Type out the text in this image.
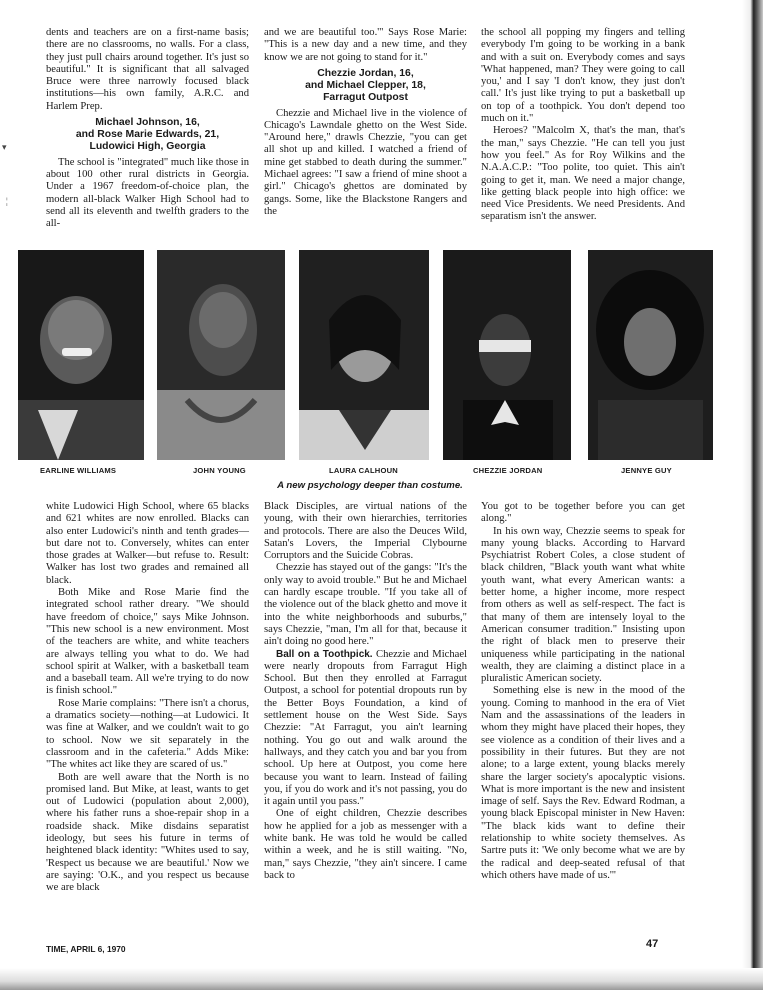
dents and teachers are on a first-name basis; there are no classrooms, no walls. For a class, they just pull chairs around together. It's just so beautiful." It is significant that all salvaged Bruce were three narrowly focused black institutions—his own family, A.R.C. and Harlem Prep.

Michael Johnson, 16,
and Rose Marie Edwards, 21,
Ludowici High, Georgia

The school is "integrated" much like those in about 100 other rural districts in Georgia. Under a 1967 freedom-of-choice plan, the modern all-black Walker High School had to send all its eleventh and twelfth graders to the all-

and we are beautiful too.'" Says Rose Marie: "This is a new day and a new time, and they know we are not going to stand for it."

Chezzie Jordan, 16,
and Michael Clepper, 18,
Farragut Outpost

Chezzie and Michael live in the violence of Chicago's Lawndale ghetto on the West Side. "Around here," drawls Chezzie, "you can get all shot up and killed. I watched a friend of mine get stabbed to death during the summer." Michael agrees: "I saw a friend of mine shoot a girl." Chicago's ghettos are dominated by gangs. Some, like the Blackstone Rangers and the

the school all popping my fingers and telling everybody I'm going to be working in a bank and with a suit on. Everybody comes and says 'What happened, man? They were going to call you,' and I say 'I don't know, they just don't call.' It's just like trying to put a basketball up on top of a toothpick. You don't depend too much on it."

Heroes? "Malcolm X, that's the man, that's the man," says Chezzie. "He can tell you just how you feel." As for Roy Wilkins and the N.A.A.C.P.: "Too polite, too quiet. This ain't going to get it, man. We need a major change, like getting black people into high office: we need Vice Presidents. We need Presidents. And separatism isn't the answer.

EARLINE WILLIAMS	JOHN YOUNG	LAURA CALHOUN	CHEZZIE JORDAN	JENNYE GUY
A new psychology deeper than costume.

white Ludowici High School, where 65 blacks and 621 whites are now enrolled. Blacks can also enter Ludowici's ninth and tenth grades—but dare not to. Conversely, whites can enter those grades at Walker—but refuse to. Result: Walker has lost two grades and remained all black.

Both Mike and Rose Marie find the integrated school rather dreary. "We should have freedom of choice," says Mike Johnson. "This new school is a new environment. Most of the teachers are white, and white teachers are always telling you what to do. We had school spirit at Walker, with a basketball team and a baseball team. All we're trying to do now is finish school."

Rose Marie complains: "There isn't a chorus, a dramatics society—nothing—at Ludowici. It was fine at Walker, and we couldn't wait to go to school. Now we sit separately in the classroom and in the cafeteria." Adds Mike: "The whites act like they are scared of us."

Both are well aware that the North is no promised land. But Mike, at least, wants to get out of Ludowici (population about 2,000), where his father runs a shoe-repair shop in a roadside shack. Mike disdains separatist ideology, but sees his future in terms of heightened black identity: "Whites used to say, 'Respect us because we are beautiful.' Now we are saying: 'O.K., and you respect us because we are black

Black Disciples, are virtual nations of the young, with their own hierarchies, territories and protocols. There are also the Deuces Wild, Satan's Lovers, the Imperial Clybourne Corruptors and the Suicide Cobras.

Chezzie has stayed out of the gangs: "It's the only way to avoid trouble." But he and Michael can hardly escape trouble. "If you take all of the violence out of the black ghetto and move it into the white neighborhoods and suburbs," says Chezzie, "man, I'm all for that, because it ain't doing no good here."

Ball on a Toothpick. Chezzie and Michael were nearly dropouts from Farragut High School. But then they enrolled at Farragut Outpost, a school for potential dropouts run by the Better Boys Foundation, a kind of settlement house on the West Side. Says Chezzie: "At Farragut, you ain't learning nothing. You go out and walk around the hallways, and they catch you and bar you from school. Up here at Outpost, you come here because you want to learn. Instead of failing you, if you do work and it's not passing, you do it again until you pass."

One of eight children, Chezzie describes how he applied for a job as messenger with a white bank. He was told he would be called within a week, and he is still waiting. "No, man," says Chezzie, "they ain't sincere. I came back to

You got to be together before you can get along."

In his own way, Chezzie seems to speak for many young blacks. According to Harvard Psychiatrist Robert Coles, a close student of black children, "Black youth want what white youth want, what every American wants: a better home, a higher income, more respect from others as well as self-respect. The fact is that many of them are intensely loyal to the American consumer tradition." Insisting upon the right of black men to preserve their uniqueness while participating in the national wealth, they are claiming a distinct place in a pluralistic American society.

Something else is new in the mood of the young. Coming to manhood in the era of Viet Nam and the assassinations of the leaders in whom they might have placed their hopes, they see violence as a condition of their lives and a possibility in their futures. But they are not alone; to a large extent, young blacks merely share the larger society's apocalyptic visions. What is more important is the new and insistent image of self. Says the Rev. Edward Rodman, a young black Episcopal minister in New Haven: "The black kids want to define their relationship to white society themselves. As Sartre puts it: 'We only become what we are by the radical and deep-seated refusal of that which others have made of us.'"

TIME, APRIL 6, 1970	47
▾
¦
